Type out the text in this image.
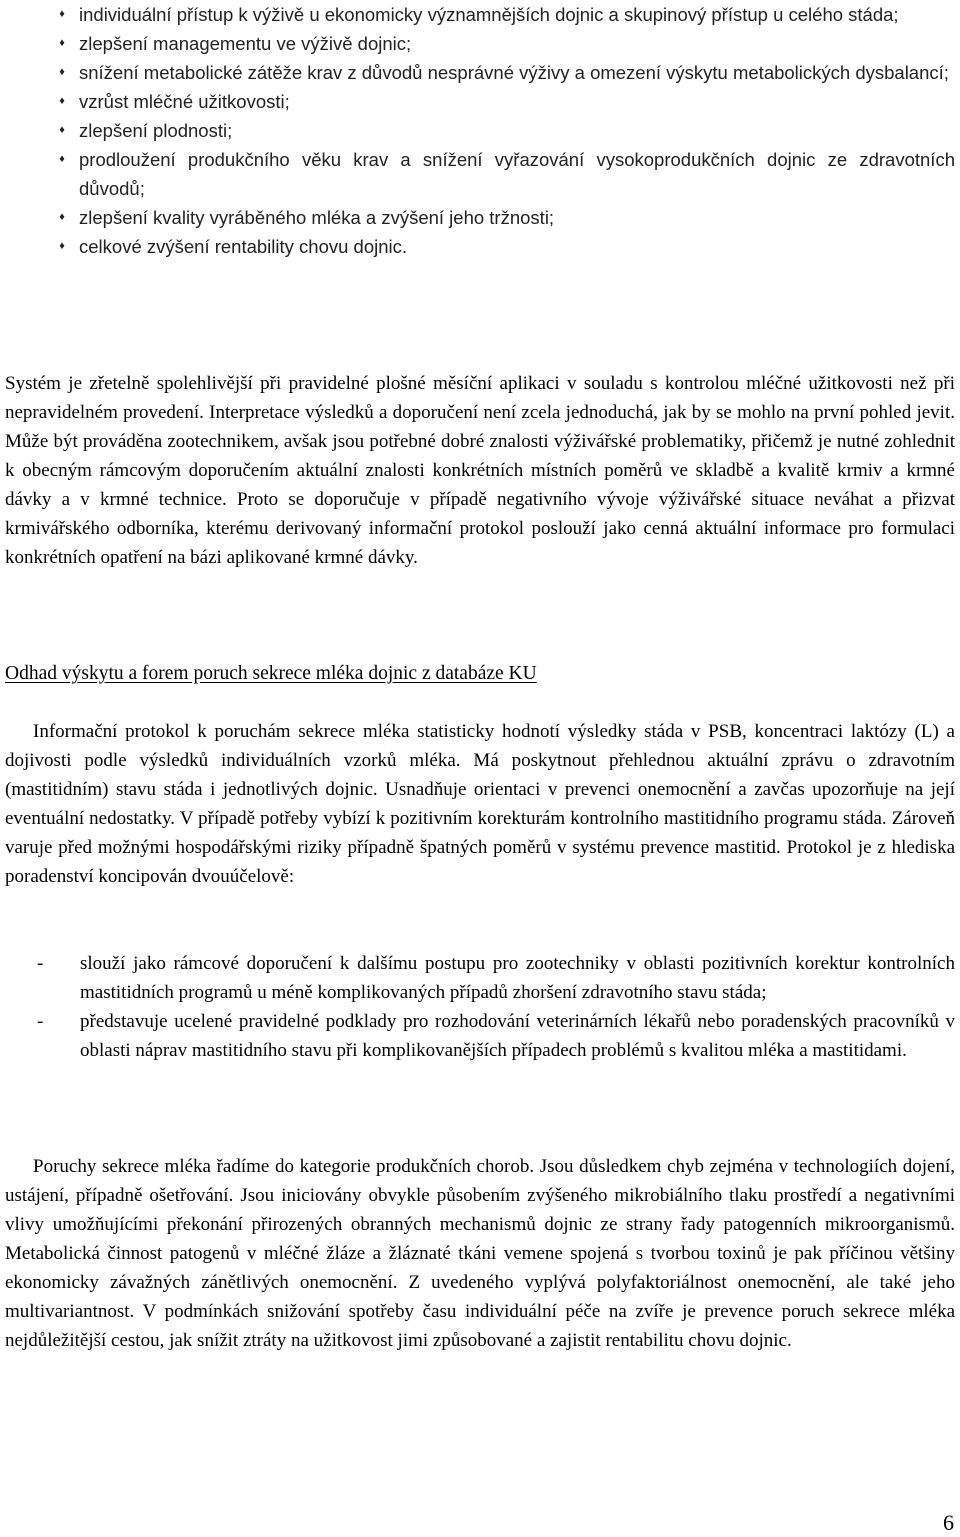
♦ individuální přístup k výživě u ekonomicky významnějších dojnic a skupinový přístup u celého stáda;
♦ zlepšení managementu ve výživě dojnic;
♦ snížení metabolické zátěže krav z důvodů nesprávné výživy a omezení výskytu metabolických dysbalancí;
♦ vzrůst mléčné užitkovosti;
♦ zlepšení plodnosti;
♦ prodloužení produkčního věku krav a snížení vyřazování vysokoprodukčních dojnic ze zdravotních důvodů;
♦ zlepšení kvality vyráběného mléka a zvýšení jeho tržnosti;
♦ celkové zvýšení rentability chovu dojnic.

Systém je zřetelně spolehlivější při pravidelné plošné měsíční aplikaci v souladu s kontrolou mléčné užitkovosti než při nepravidelném provedení. Interpretace výsledků a doporučení není zcela jednoduchá, jak by se mohlo na první pohled jevit. Může být prováděna zootechnikem, avšak jsou potřebné dobré znalosti výživářské problematiky, přičemž je nutné zohlednit k obecným rámcovým doporučením aktuální znalosti konkrétních místních poměrů ve skladbě a kvalitě krmiv a krmné dávky a v krmné technice. Proto se doporučuje v případě negativního vývoje výživářské situace neváhat a přizvat krmivářského odborníka, kterému derivovaný informační protokol poslouží jako cenná aktuální informace pro formulaci konkrétních opatření na bázi aplikované krmné dávky.

Odhad výskytu a forem poruch sekrece mléka dojnic z databáze KU

Informační protokol k poruchám sekrece mléka statisticky hodnotí výsledky stáda v PSB, koncentraci laktózy (L) a dojivosti podle výsledků individuálních vzorků mléka. Má poskytnout přehlednou aktuální zprávu o zdravotním (mastitidním) stavu stáda i jednotlivých dojnic. Usnadňuje orientaci v prevenci onemocnění a zavčas upozorňuje na její eventuální nedostatky. V případě potřeby vybízí k pozitivním korekturám kontrolního mastitidního programu stáda. Zároveň varuje před možnými hospodářskými riziky případně špatných poměrů v systému prevence mastitid. Protokol je z hlediska poradenství koncipován dvouúčelově:

- slouží jako rámcové doporučení k dalšímu postupu pro zootechniky v oblasti pozitivních korektur kontrolních mastitidních programů u méně komplikovaných případů zhoršení zdravotního stavu stáda;
- představuje ucelené pravidelné podklady pro rozhodování veterinárních lékařů nebo poradenských pracovníků v oblasti náprav mastitidního stavu při komplikovanějších případech problémů s kvalitou mléka a mastitidami.

Poruchy sekrece mléka řadíme do kategorie produkčních chorob. Jsou důsledkem chyb zejména v technologiích dojení, ustájení, případně ošetřování. Jsou iniciovány obvykle působením zvýšeného mikrobiálního tlaku prostředí a negativními vlivy umožňujícími překonání přirozených obranných mechanismů dojnic ze strany řady patogenních mikroorganismů. Metabolická činnost patogenů v mléčné žláze a žláznaté tkáni vemene spojená s tvorbou toxinů je pak příčinou většiny ekonomicky závažných zánětlivých onemocnění. Z uvedeného vyplývá polyfaktoriálnost onemocnění, ale také jeho multivariantnost. V podmínkách snižování spotřeby času individuální péče na zvíře je prevence poruch sekrece mléka nejdůležitější cestou, jak snížit ztráty na užitkovost jimi způsobované a zajistit rentabilitu chovu dojnic.

6
